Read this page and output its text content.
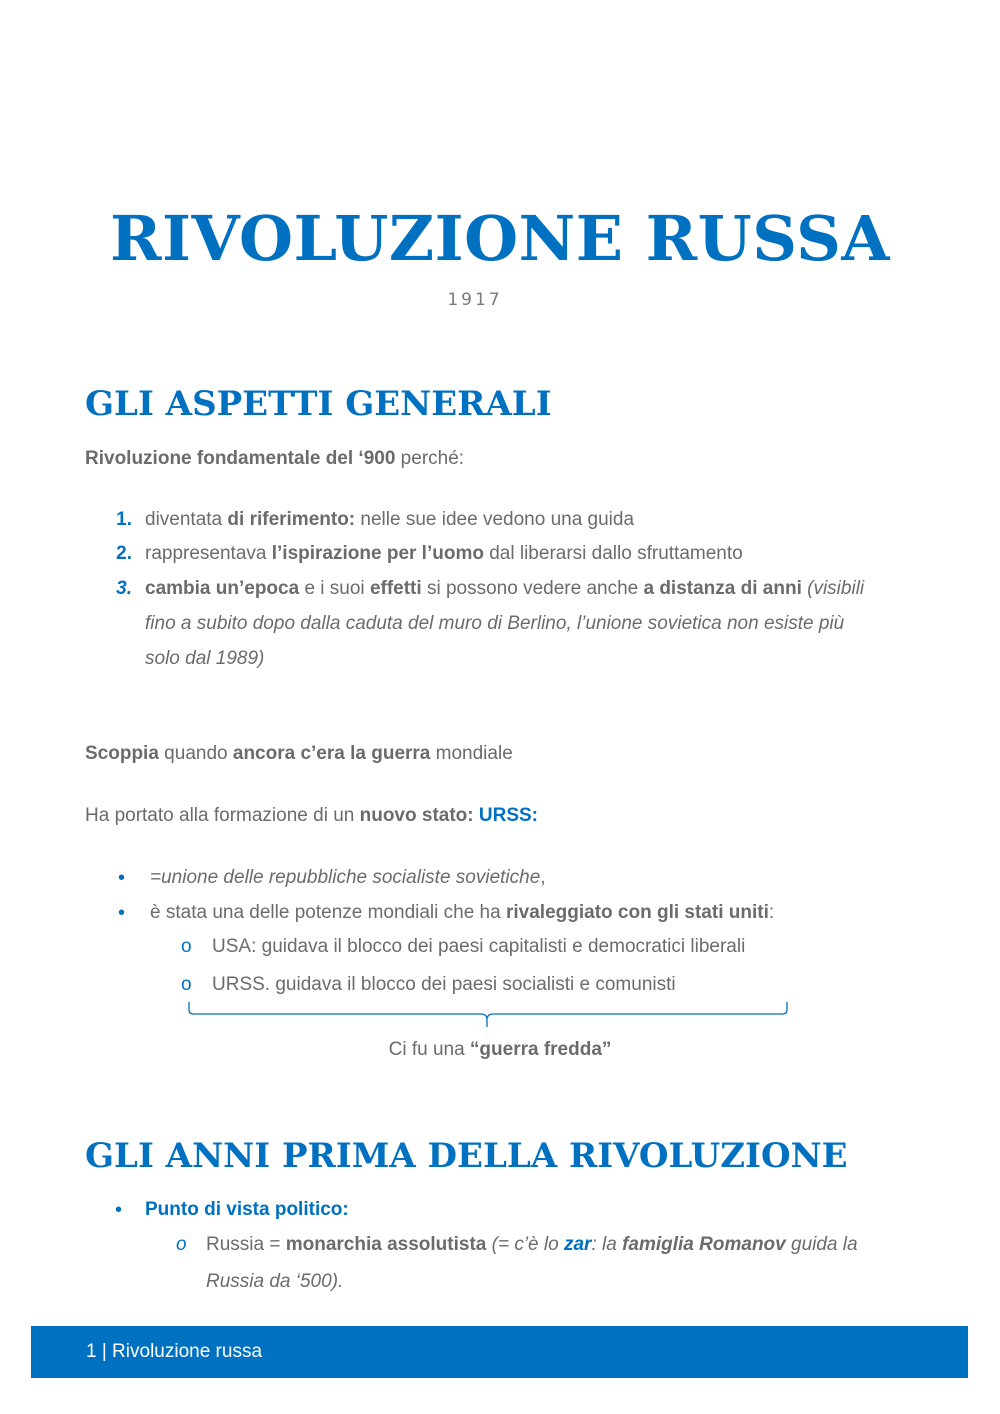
RIVOLUZIONE RUSSA
1917
GLI ASPETTI GENERALI
Rivoluzione fondamentale del ‘900 perché:
1. diventata di riferimento: nelle sue idee vedono una guida
2. rappresentava l’ispirazione per l’uomo dal liberarsi dallo sfruttamento
3. cambia un’epoca e i suoi effetti si possono vedere anche a distanza di anni (visibili
fino a subito dopo dalla caduta del muro di Berlino, l’unione sovietica non esiste più
solo dal 1989)
Scoppia quando ancora c’era la guerra mondiale
Ha portato alla formazione di un nuovo stato: URSS:
• =unione delle repubbliche socialiste sovietiche,
• è stata una delle potenze mondiali che ha rivaleggiato con gli stati uniti:
o USA: guidava il blocco dei paesi capitalisti e democratici liberali
o URSS. guidava il blocco dei paesi socialisti e comunisti
Ci fu una “guerra fredda”
GLI ANNI PRIMA DELLA RIVOLUZIONE
• Punto di vista politico:
o Russia = monarchia assolutista (= c’è lo zar: la famiglia Romanov guida la
Russia da ‘500).
1 | Rivoluzione russa
